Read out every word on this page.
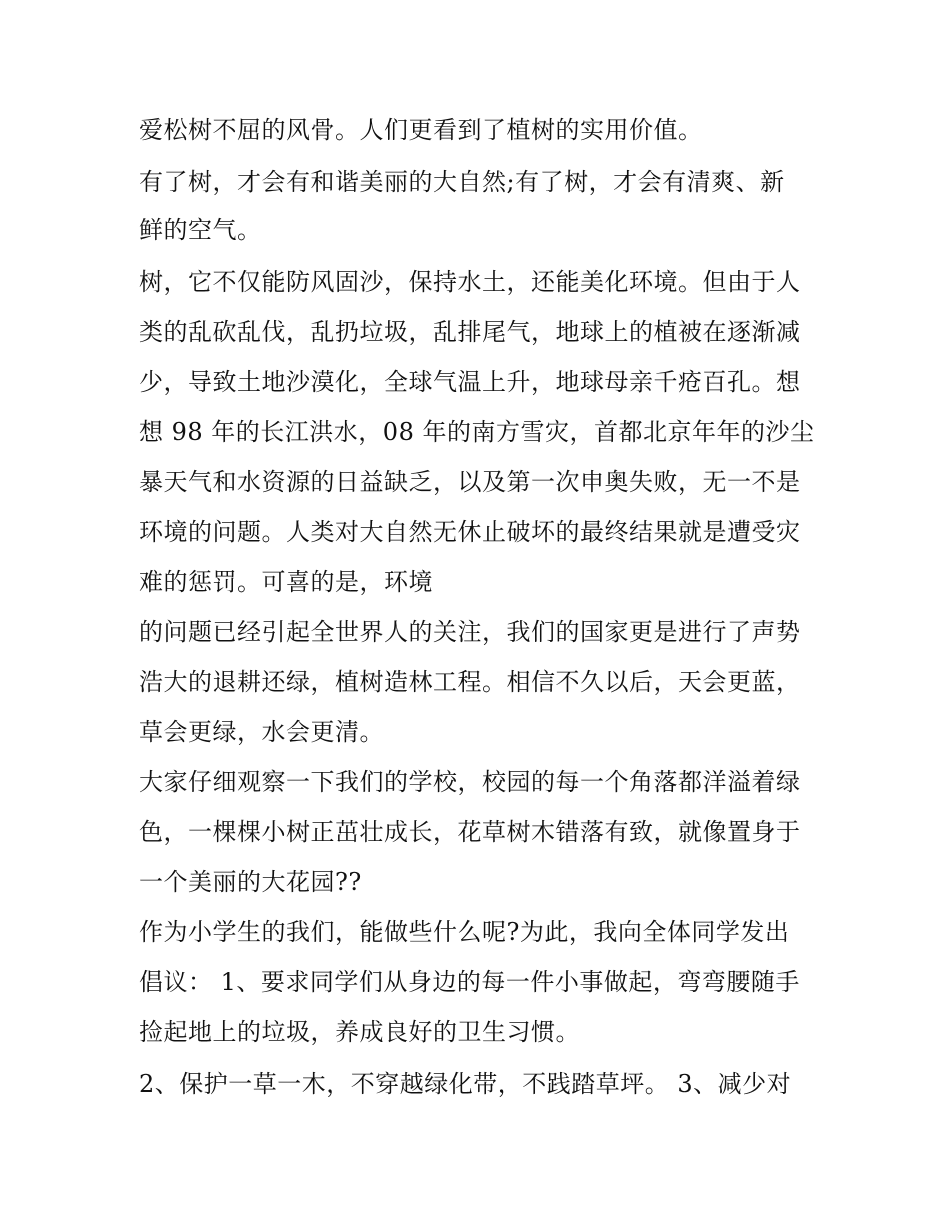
爱松树不屈的风骨。人们更看到了植树的实用价值。
有了树，才会有和谐美丽的大自然;有了树，才会有清爽、新
鲜的空气。
树，它不仅能防风固沙，保持水土，还能美化环境。但由于人
类的乱砍乱伐，乱扔垃圾，乱排尾气，地球上的植被在逐渐减
少，导致土地沙漠化，全球气温上升，地球母亲千疮百孔。想
想 98 年的长江洪水，08 年的南方雪灾，首都北京年年的沙尘
暴天气和水资源的日益缺乏，以及第一次申奥失败，无一不是
环境的问题。人类对大自然无休止破坏的最终结果就是遭受灾
难的惩罚。可喜的是，环境
的问题已经引起全世界人的关注，我们的国家更是进行了声势
浩大的退耕还绿，植树造林工程。相信不久以后，天会更蓝，
草会更绿，水会更清。
大家仔细观察一下我们的学校，校园的每一个角落都洋溢着绿
色，一棵棵小树正茁壮成长，花草树木错落有致，就像置身于
一个美丽的大花园??
作为小学生的我们，能做些什么呢?为此，我向全体同学发出
倡议： 1、要求同学们从身边的每一件小事做起，弯弯腰随手
捡起地上的垃圾，养成良好的卫生习惯。
2、保护一草一木，不穿越绿化带，不践踏草坪。 3、减少对
